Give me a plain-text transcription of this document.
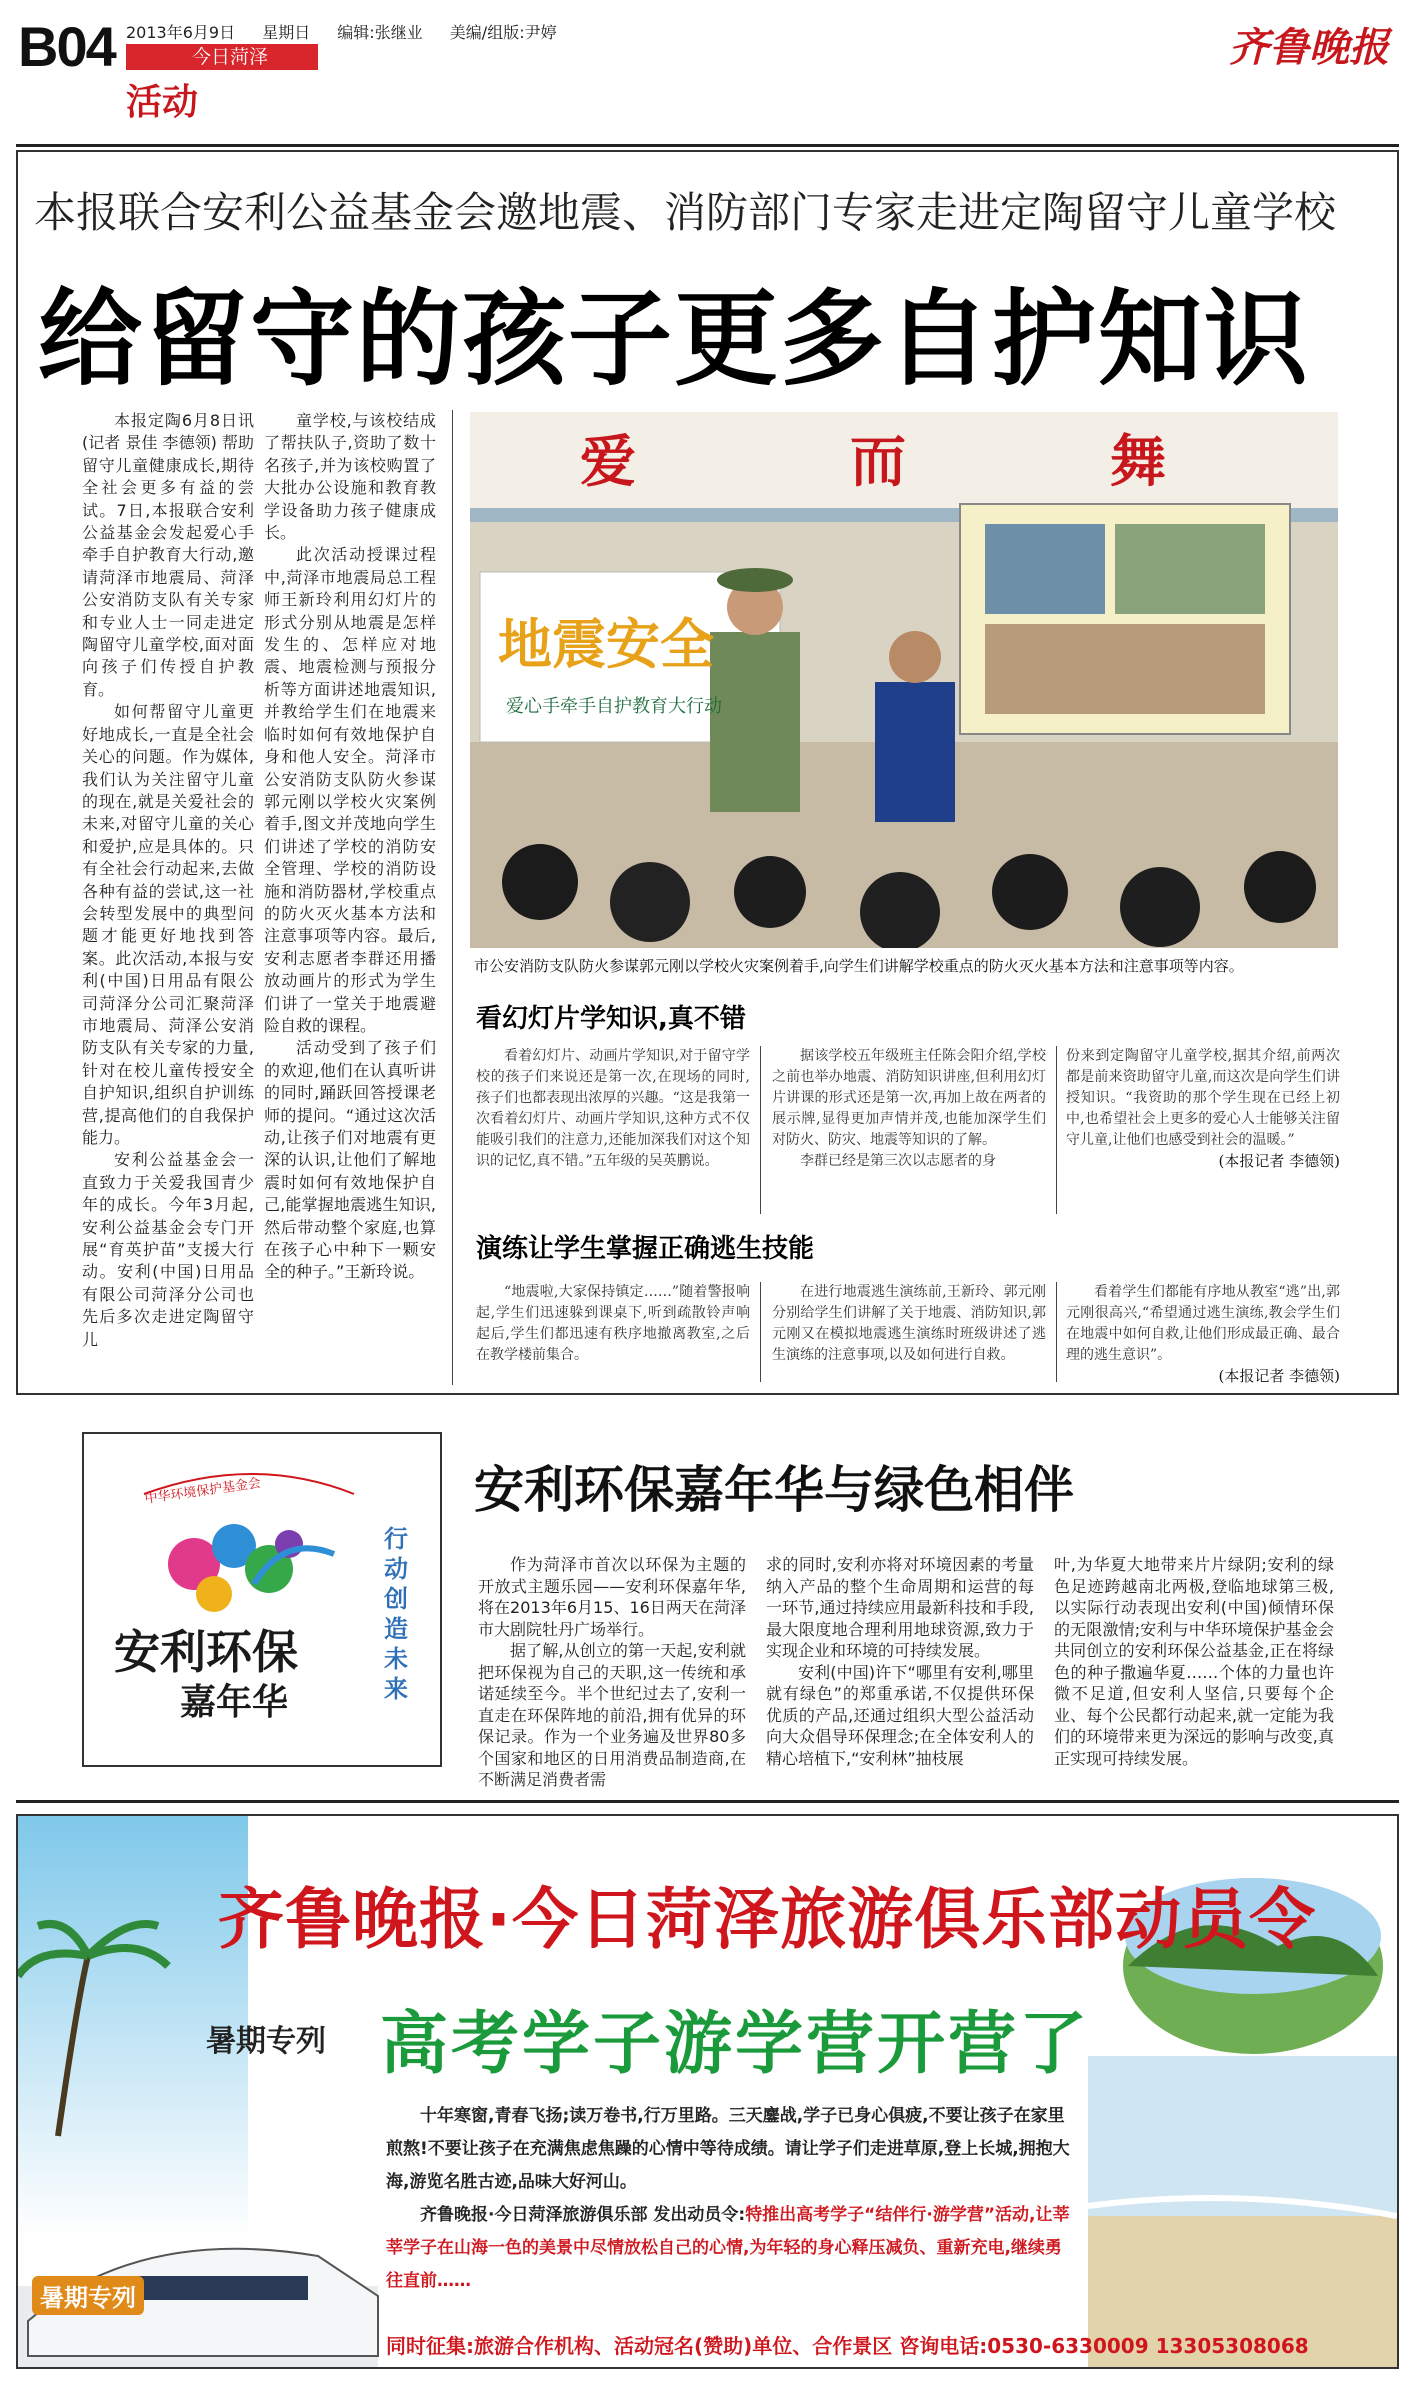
B04 2013年6月9日 星期日 编辑:张继业 美编/组版:尹婷
今日菏泽
活动
齐鲁晚报
本报联合安利公益基金会邀地震、消防部门专家走进定陶留守儿童学校
给留守的孩子更多自护知识

本报定陶6月8日讯(记者 景佳 李德领) 帮助留守儿童健康成长,期待全社会更多有益的尝试。7日,本报联合安利公益基金会发起爱心手牵手自护教育大行动,邀请菏泽市地震局、菏泽公安消防支队有关专家和专业人士一同走进定陶留守儿童学校,面对面向孩子们传授自护教育。

如何帮留守儿童更好地成长,一直是全社会关心的问题。作为媒体,我们认为关注留守儿童的现在,就是关爱社会的未来,对留守儿童的关心和爱护,应是具体的。只有全社会行动起来,去做各种有益的尝试,这一社会转型发展中的典型问题才能更好地找到答案。此次活动,本报与安利(中国)日用品有限公司菏泽分公司汇聚菏泽市地震局、菏泽公安消防支队有关专家的力量,针对在校儿童传授安全自护知识,组织自护训练营,提高他们的自我保护能力。

安利公益基金会一直致力于关爱我国青少年的成长。今年3月起,安利公益基金会专门开展“育英护苗”支援大行动。安利(中国)日用品有限公司菏泽分公司也先后多次走进定陶留守儿

童学校,与该校结成了帮扶队子,资助了数十名孩子,并为该校购置了大批办公设施和教育教学设备助力孩子健康成长。

此次活动授课过程中,菏泽市地震局总工程师王新玲利用幻灯片的形式分别从地震是怎样发生的、怎样应对地震、地震检测与预报分析等方面讲述地震知识,并教给学生们在地震来临时如何有效地保护自身和他人安全。菏泽市公安消防支队防火参谋郭元刚以学校火灾案例着手,图文并茂地向学生们讲述了学校的消防安全管理、学校的消防设施和消防器材,学校重点的防火灭火基本方法和注意事项等内容。最后,安利志愿者李群还用播放动画片的形式为学生们讲了一堂关于地震避险自救的课程。

活动受到了孩子们的欢迎,他们在认真听讲的同时,踊跃回答授课老师的提问。“通过这次活动,让孩子们对地震有更深的认识,让他们了解地震时如何有效地保护自己,能掌握地震逃生知识,然后带动整个家庭,也算在孩子心中种下一颗安全的种子。”王新玲说。

爱	而	舞
地震安全
爱心手牵手自护教育大行动
市公安消防支队防火参谋郭元刚以学校火灾案例着手,向学生们讲解学校重点的防火灭火基本方法和注意事项等内容。
看幻灯片学知识,真不错

看着幻灯片、动画片学知识,对于留守学校的孩子们来说还是第一次,在现场的同时,孩子们也都表现出浓厚的兴趣。“这是我第一次看着幻灯片、动画片学知识,这种方式不仅能吸引我们的注意力,还能加深我们对这个知识的记忆,真不错。”五年级的吴英鹏说。

据该学校五年级班主任陈会阳介绍,学校之前也举办地震、消防知识讲座,但利用幻灯片讲课的形式还是第一次,再加上故在两者的展示牌,显得更加声情并茂,也能加深学生们对防火、防灾、地震等知识的了解。

李群已经是第三次以志愿者的身

份来到定陶留守儿童学校,据其介绍,前两次都是前来资助留守儿童,而这次是向学生们讲授知识。“我资助的那个学生现在已经上初中,也希望社会上更多的爱心人士能够关注留守儿童,让他们也感受到社会的温暖。”

(本报记者 李德领)
演练让学生掌握正确逃生技能

“地震啦,大家保持镇定……”随着警报响起,学生们迅速躲到课桌下,听到疏散铃声响起后,学生们都迅速有秩序地撤离教室,之后在教学楼前集合。

在进行地震逃生演练前,王新玲、郭元刚分别给学生们讲解了关于地震、消防知识,郭元刚又在模拟地震逃生演练时班级讲述了逃生演练的注意事项,以及如何进行自救。

看着学生们都能有序地从教室“逃”出,郭元刚很高兴,“希望通过逃生演练,教会学生们在地震中如何自救,让他们形成最正确、最合理的逃生意识”。

(本报记者 李德领)
中华环境保护基金会
安利环保
嘉年华
行动创造未来
安利环保嘉年华与绿色相伴

作为菏泽市首次以环保为主题的开放式主题乐园——安利环保嘉年华,将在2013年6月15、16日两天在菏泽市大剧院牡丹广场举行。

据了解,从创立的第一天起,安利就把环保视为自己的天职,这一传统和承诺延续至今。半个世纪过去了,安利一直走在环保阵地的前沿,拥有优异的环保记录。作为一个业务遍及世界80多个国家和地区的日用消费品制造商,在不断满足消费者需

求的同时,安利亦将对环境因素的考量纳入产品的整个生命周期和运营的每一环节,通过持续应用最新科技和手段,最大限度地合理利用地球资源,致力于实现企业和环境的可持续发展。

安利(中国)许下“哪里有安利,哪里就有绿色”的郑重承诺,不仅提供环保优质的产品,还通过组织大型公益活动向大众倡导环保理念;在全体安利人的精心培植下,“安利林”抽枝展

叶,为华夏大地带来片片绿阴;安利的绿色足迹跨越南北两极,登临地球第三极,以实际行动表现出安利(中国)倾情环保的无限激情;安利与中华环境保护基金会共同创立的安利环保公益基金,正在将绿色的种子撒遍华夏……个体的力量也许微不足道,但安利人坚信,只要每个企业、每个公民都行动起来,就一定能为我们的环境带来更为深远的影响与改变,真正实现可持续发展。

暑期专列
齐鲁晚报·今日菏泽旅游俱乐部动员令
暑期专列 高考学子游学营开营了

十年寒窗,青春飞扬;读万卷书,行万里路。三天鏖战,学子已身心俱疲,不要让孩子在家里煎熬!不要让孩子在充满焦虑焦躁的心情中等待成绩。请让学子们走进草原,登上长城,拥抱大海,游览名胜古迹,品味大好河山。

齐鲁晚报·今日菏泽旅游俱乐部 发出动员令:特推出高考学子“结伴行·游学营”活动,让莘莘学子在山海一色的美景中尽情放松自己的心情,为年轻的身心释压减负、重新充电,继续勇往直前……

同时征集:旅游合作机构、活动冠名(赞助)单位、合作景区 咨询电话:0530-6330009 13305308068
